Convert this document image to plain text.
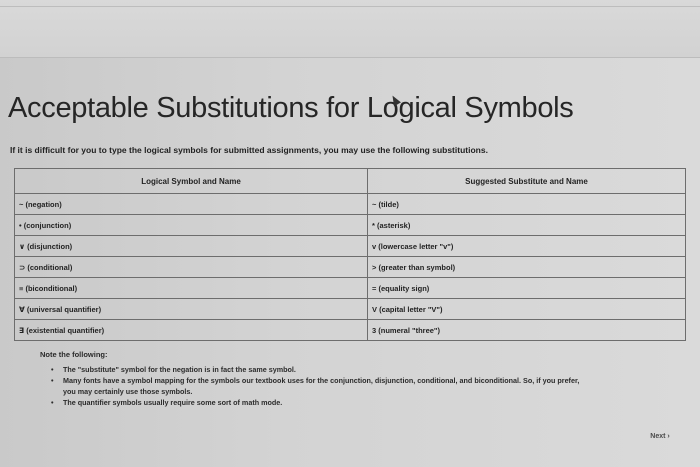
Acceptable Substitutions for Logical Symbols
If it is difficult for you to type the logical symbols for submitted assignments, you may use the following substitutions.
Logical Symbol and Name	Suggested Substitute and Name
~ (negation)	~ (tilde)
• (conjunction)	* (asterisk)
∨ (disjunction)	v (lowercase letter "v")
⊃ (conditional)	> (greater than symbol)
≡ (biconditional)	= (equality sign)
∀ (universal quantifier)	V (capital letter "V")
∃ (existential quantifier)	3 (numeral "three")
Note the following:
• The "substitute" symbol for the negation is in fact the same symbol.
• Many fonts have a symbol mapping for the symbols our textbook uses for the conjunction, disjunction, conditional, and biconditional. So, if you prefer,
you may certainly use those symbols.
• The quantifier symbols usually require some sort of math mode.
Next ›
